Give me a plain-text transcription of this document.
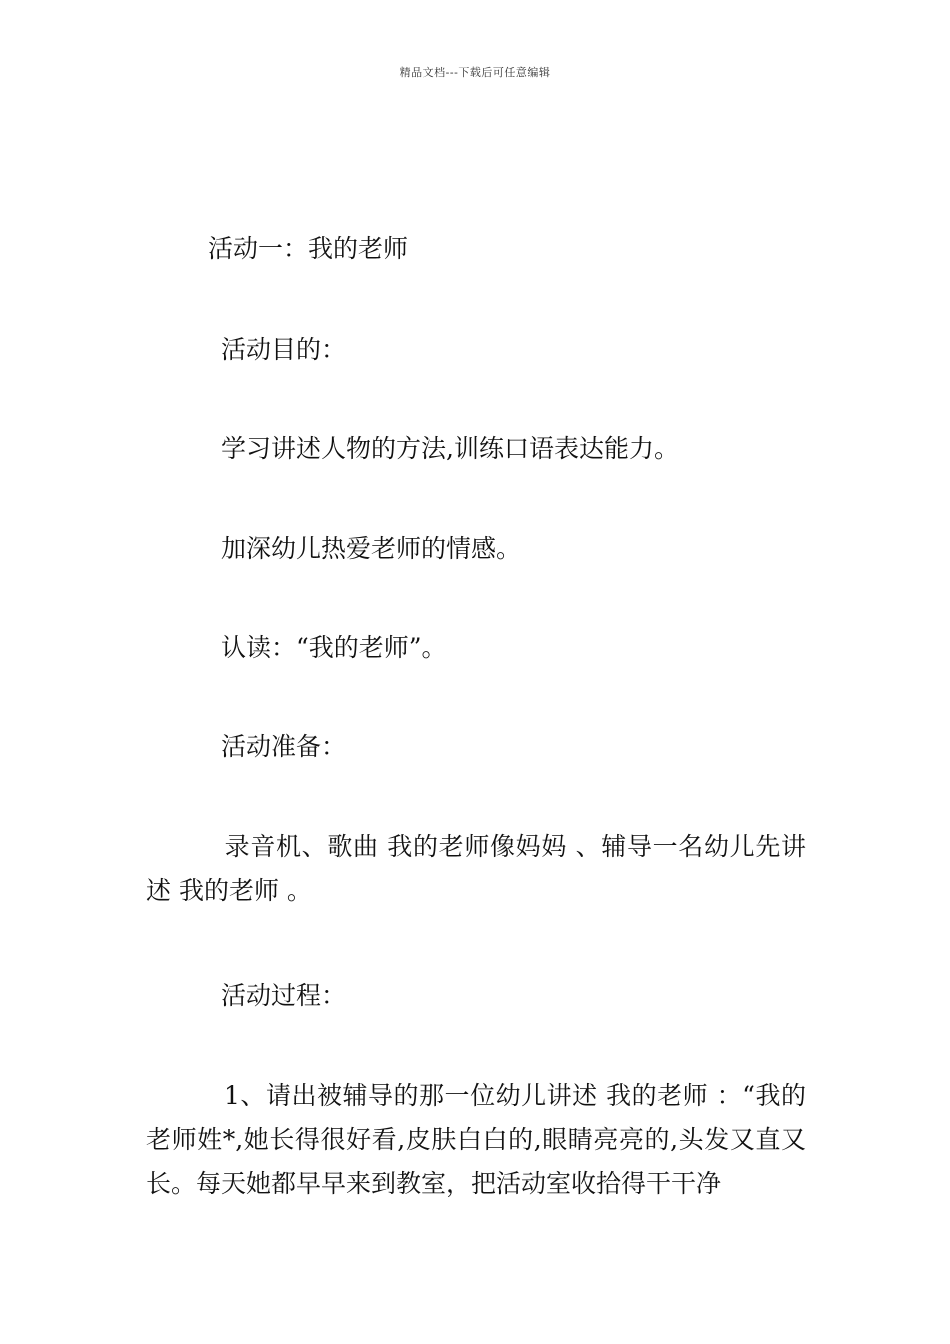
精品文档---下载后可任意编辑
活动一：我的老师
活动目的：
学习讲述人物的方法,训练口语表达能力。
加深幼儿热爱老师的情感。
认读：“我的老师”。
活动准备：
录音机、歌曲 我的老师像妈妈 、辅导一名幼儿先讲述 我的老师 。
活动过程：
1、请出被辅导的那一位幼儿讲述 我的老师 ：“我的老师姓*,她长得很好看,皮肤白白的,眼睛亮亮的,头发又直又长。每天她都早早来到教室，把活动室收拾得干干净
